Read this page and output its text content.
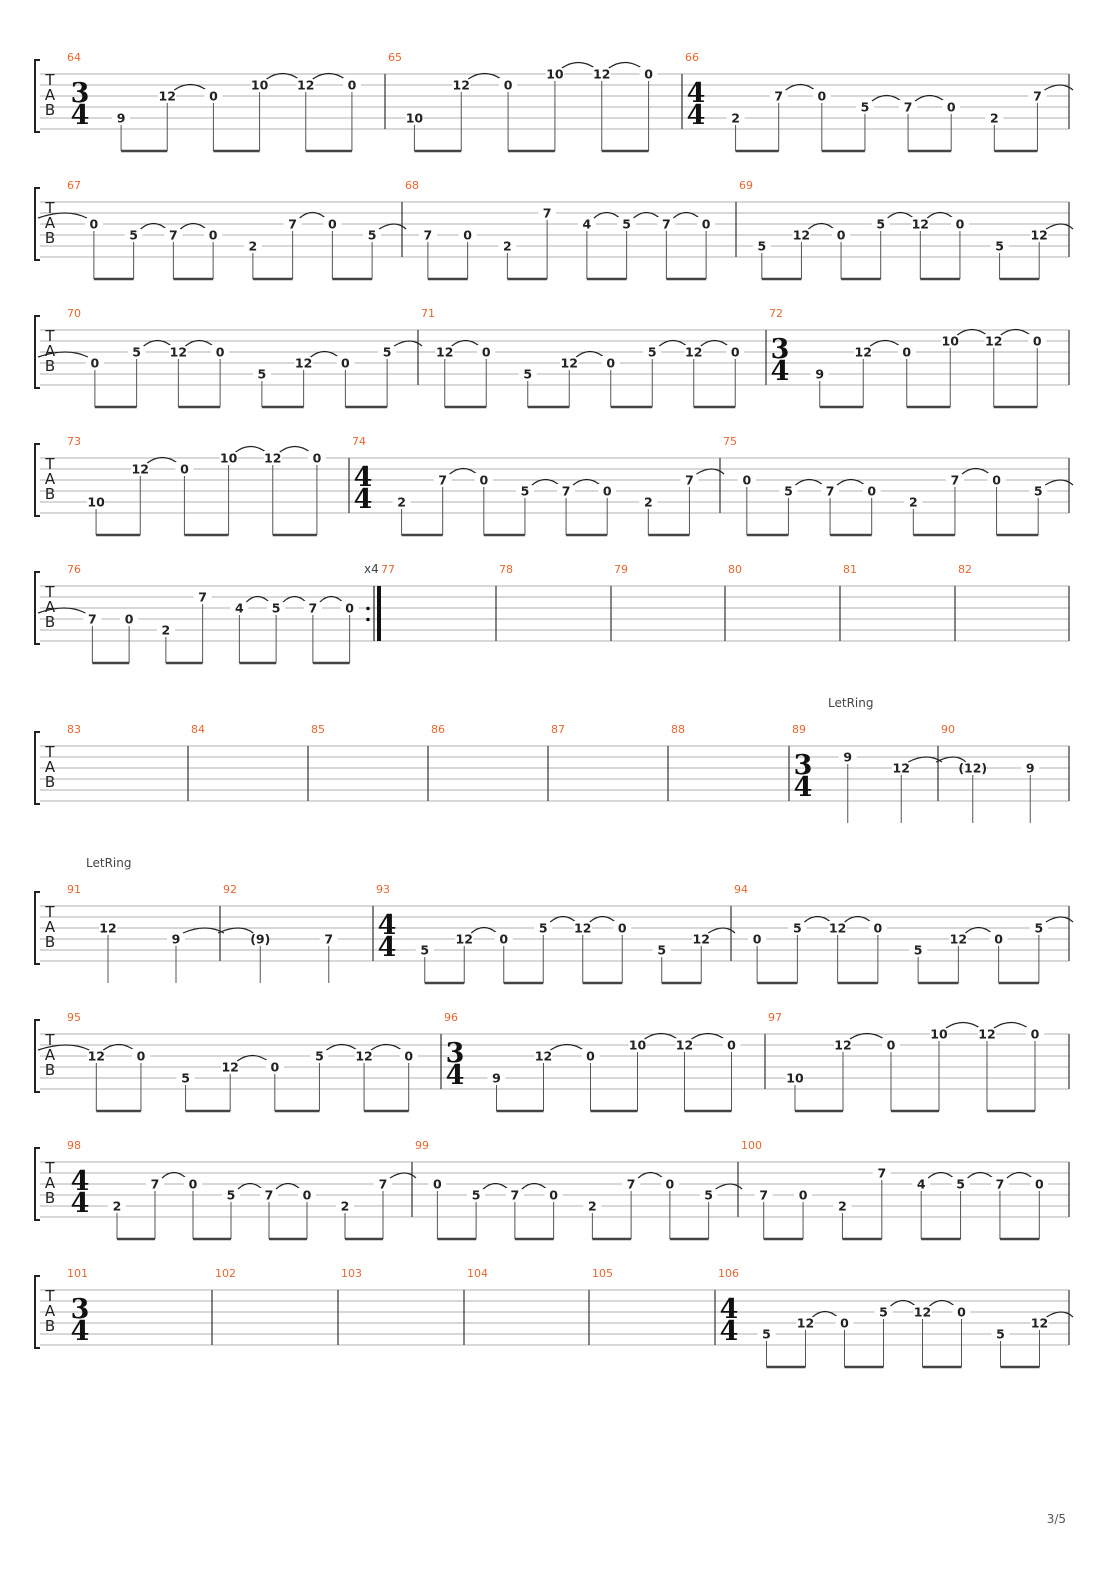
T
A
B
64
3
4 9
12	0
10 12	0
65
10
12	0
10 12	0
66
4
4 2
7	0
5	7	0
2
7
T
A
B
67
0
5 7 0
2
7 0
5
68
7 0
2
7
4 5 7 0
69
5
12 0
5 12 0
5
12
T
A
B
70
0
5 12 0
5
12 0
5
71
12 0
5
12 0
5 12 0
72
3
4 9
12 0
10 12 0
T
A
B
73
10
12 0
10 12 0
74
4
4 2
7	0
5	7	0
2
7
75
0
5	7	0
2
7	0
5
T
A
B
76	x4
7 0
2
7
4 5 7 0
77	78	79	80	81	82
T
A
B
83	84	85	86	87	88	89
3
4
9
12
90
(12)	9
T
A
B
91
12
9
92
(9)	7
93
4
4 5
12 0
5 12 0
5
12
94
0
5 12 0
5
12 0
5
T
A
B
95
12	0
5
12	0
5	12	0
96
3
4 9
12	0
10 12	0
97
10
12	0
10 12	0
T
A
B
98
4
4 2
7 0
5 7 0
2
7
99
0
5 7 0
2
7 0
5
100
7 0
2
7
4 5 7 0
T
A
B
101
3
4
102	103	104	105	106
4
4 5
12 0
5 12 0
5
12
LetRing
LetRing
3/5
